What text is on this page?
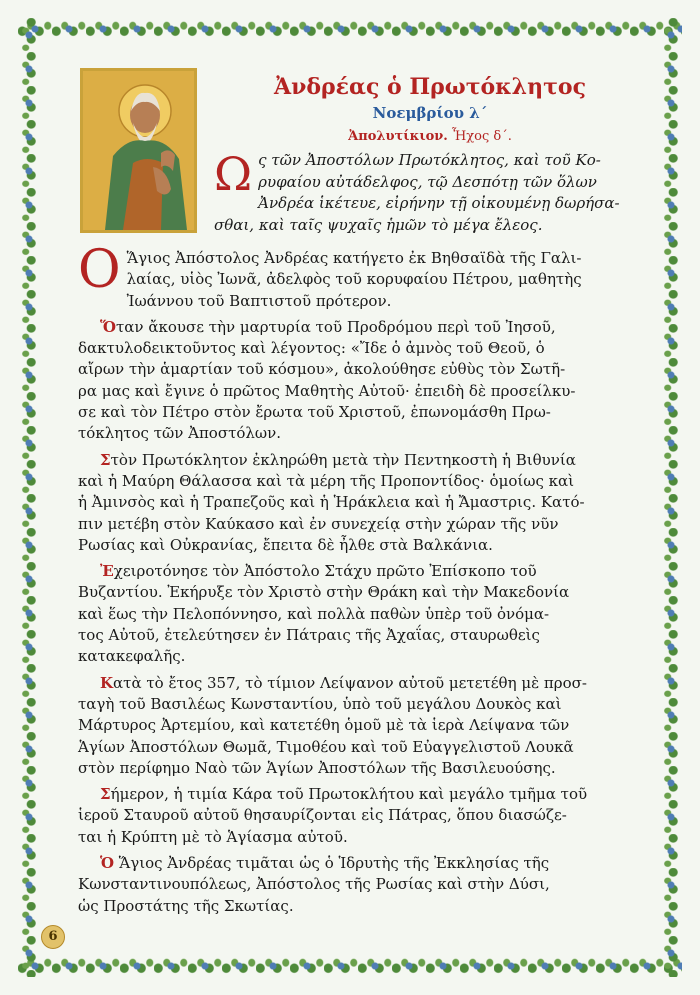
Ἀνδρέας ὁ Πρωτόκλητος
Νοεμβρίου λ΄
Ἀπολυτίκιον. Ἦχος δ΄.
Ω ς τῶν Ἀποστόλων Πρωτόκλητος, καὶ τοῦ Κο-
ρυφαίου αὐτάδελφος, τῷ Δεσπότῃ τῶν ὅλων
Ἀνδρέα ἱκέτευε, εἰρήνην τῇ οἰκουμένῃ δωρήσα-
σθαι, καὶ ταῖς ψυχαῖς ἡμῶν τὸ μέγα ἔλεος.
Ο Ἅγιος Ἀπόστολος Ἀνδρέας κατήγετο ἐκ Βηθσαϊδὰ τῆς Γαλι-
λαίας, υἱὸς Ἰωνᾶ, ἀδελφὸς τοῦ κορυφαίου Πέτρου, μαθητὴς
Ἰωάννου τοῦ Βαπτιστοῦ πρότερον.
Ὅταν ἄκουσε τὴν μαρτυρία τοῦ Προδρόμου περὶ τοῦ Ἰησοῦ,
δακτυλοδεικτοῦντος καὶ λέγοντος: «Ἴδε ὁ ἀμνὸς τοῦ Θεοῦ, ὁ
αἴρων τὴν ἁμαρτίαν τοῦ κόσμου», ἀκολούθησε εὐθὺς τὸν Σωτῆ-
ρα μας καὶ ἔγινε ὁ πρῶτος Μαθητὴς Αὐτοῦ· ἐπειδὴ δὲ προσείλκυ-
σε καὶ τὸν Πέτρο στὸν ἔρωτα τοῦ Χριστοῦ, ἐπωνομάσθη Πρω-
τόκλητος τῶν Ἀποστόλων.
Στὸν Πρωτόκλητον ἐκληρώθη μετὰ τὴν Πεντηκοστὴ ἡ Βιθυνία
καὶ ἡ Μαύρη Θάλασσα καὶ τὰ μέρη τῆς Προποντίδος· ὁμοίως καὶ
ἡ Ἀμινσὸς καὶ ἡ Τραπεζοῦς καὶ ἡ Ἡράκλεια καὶ ἡ Ἄμαστρις. Κατό-
πιν μετέβη στὸν Καύκασο καὶ ἐν συνεχείᾳ στὴν χώραν τῆς νῦν
Ρωσίας καὶ Οὐκρανίας, ἔπειτα δὲ ἦλθε στὰ Βαλκάνια.
Ἐχειροτόνησε τὸν Ἀπόστολο Στάχυ πρῶτο Ἐπίσκοπο τοῦ
Βυζαντίου. Ἐκήρυξε τὸν Χριστὸ στὴν Θράκη καὶ τὴν Μακεδονία
καὶ ἕως τὴν Πελοπόννησο, καὶ πολλὰ παθὼν ὑπὲρ τοῦ ὀνόμα-
τος Αὐτοῦ, ἐτελεύτησεν ἐν Πάτραις τῆς Ἀχαΐας, σταυρωθεὶς
κατακεφαλῆς.
Κατὰ τὸ ἔτος 357, τὸ τίμιον Λείψανον αὐτοῦ μετετέθη μὲ προσ-
ταγὴ τοῦ Βασιλέως Κωνσταντίου, ὑπὸ τοῦ μεγάλου Δουκὸς καὶ
Μάρτυρος Ἀρτεμίου, καὶ κατετέθη ὁμοῦ μὲ τὰ ἱερὰ Λείψανα τῶν
Ἁγίων Ἀποστόλων Θωμᾶ, Τιμοθέου καὶ τοῦ Εὐαγγελιστοῦ Λουκᾶ
στὸν περίφημο Ναὸ τῶν Ἁγίων Ἀποστόλων τῆς Βασιλευούσης.
Σήμερον, ἡ τιμία Κάρα τοῦ Πρωτοκλήτου καὶ μεγάλο τμῆμα τοῦ
ἱεροῦ Σταυροῦ αὐτοῦ θησαυρίζονται εἰς Πάτρας, ὅπου διασώζε-
ται ἡ Κρύπτη μὲ τὸ Ἁγίασμα αὐτοῦ.
Ὁ Ἅγιος Ἀνδρέας τιμᾶται ὡς ὁ Ἱδρυτὴς τῆς Ἐκκλησίας τῆς
Κωνσταντινουπόλεως, Ἀπόστολος τῆς Ρωσίας καὶ στὴν Δύσι,
ὡς Προστάτης τῆς Σκωτίας.
6
